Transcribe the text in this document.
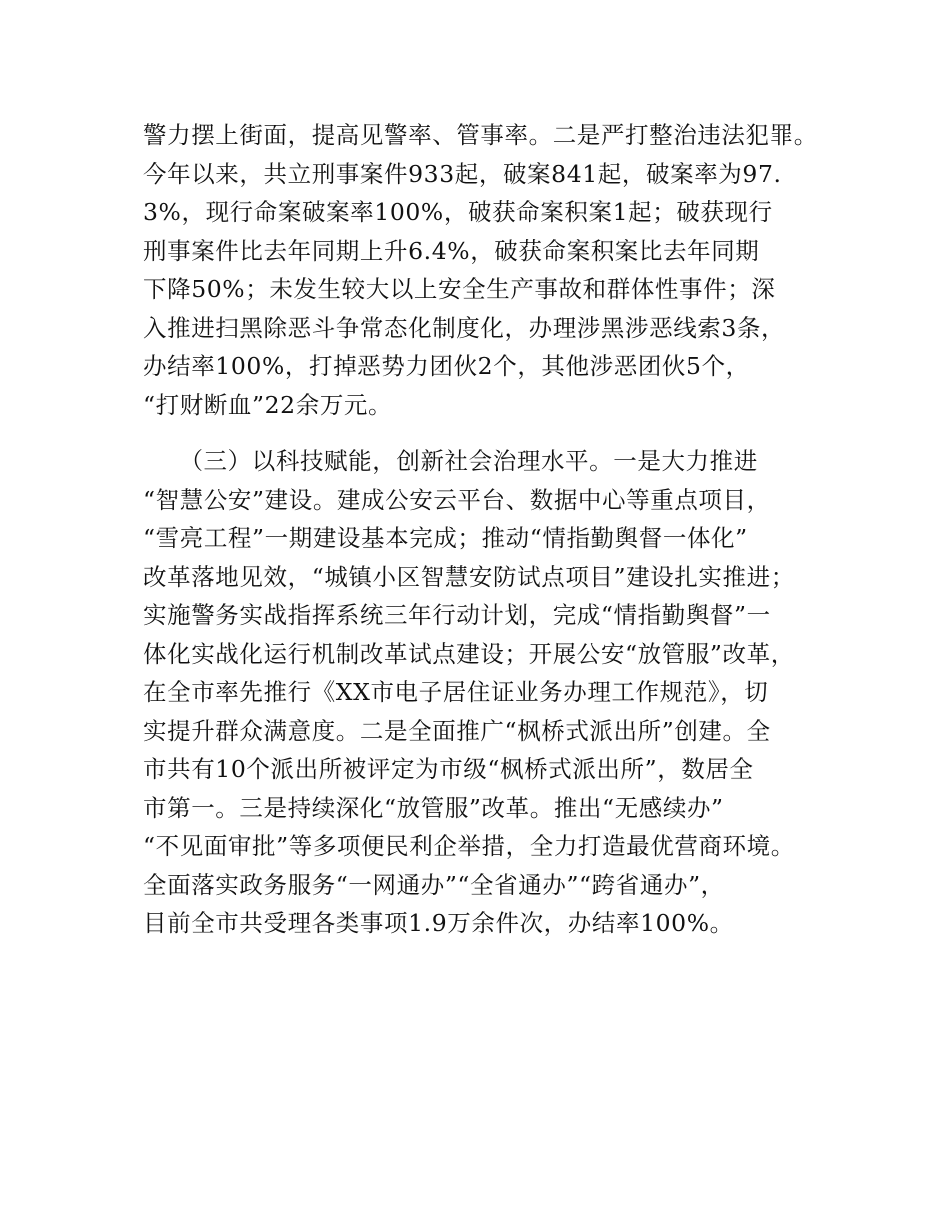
警力摆上街面，提高见警率、管事率。二是严打整治违法犯罪。
今年以来，共立刑事案件933起，破案841起，破案率为97.
3%，现行命案破案率100%，破获命案积案1起；破获现行
刑事案件比去年同期上升6.4%，破获命案积案比去年同期
下降50%；未发生较大以上安全生产事故和群体性事件；深
入推进扫黑除恶斗争常态化制度化，办理涉黑涉恶线索3条，
办结率100%，打掉恶势力团伙2个，其他涉恶团伙5个，
“打财断血”22余万元。
　　（三）以科技赋能，创新社会治理水平。一是大力推进
“智慧公安”建设。建成公安云平台、数据中心等重点项目，
“雪亮工程”一期建设基本完成；推动“情指勤舆督一体化”
改革落地见效，“城镇小区智慧安防试点项目”建设扎实推进；
实施警务实战指挥系统三年行动计划，完成“情指勤舆督”一
体化实战化运行机制改革试点建设；开展公安“放管服”改革，
在全市率先推行《XX市电子居住证业务办理工作规范》，切
实提升群众满意度。二是全面推广“枫桥式派出所”创建。全
市共有10个派出所被评定为市级“枫桥式派出所”，数居全
市第一。三是持续深化“放管服”改革。推出“无感续办”
“不见面审批”等多项便民利企举措，全力打造最优营商环境。
全面落实政务服务“一网通办”“全省通办”“跨省通办”，
目前全市共受理各类事项1.9万余件次，办结率100%。
